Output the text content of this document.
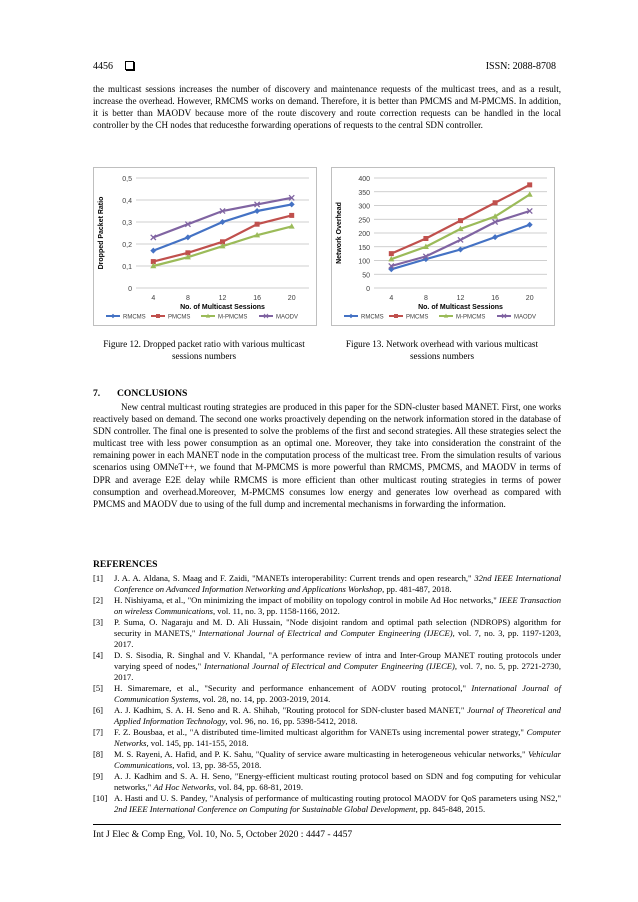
4456	ISSN: 2088-8708
the multicast sessions increases the number of discovery and maintenance requests of the multicast trees, and as a result, increase the overhead. However, RMCMS works on demand. Therefore, it is better than PMCMS and M-PMCMS. In addition, it is better than MAODV because more of the route discovery and route correction requests can be handled in the local controller by the CH nodes that reducesthe forwarding operations of requests to the central SDN controller.
0
0,1
0,2
0,3
0,4
0,5
4	8	12	16	20
No. of Multicast Sessions
Dropped Packet Ratio
RMCMS	PMCMS	M-PMCMS	MAODV
0
50
100
150
200
250
300
350
400
4	8	12	16	20
No. of Multicast Sessions
Network Overhead
RMCMS	PMCMS	M-PMCMS	MAODV
Figure 12. Dropped packet ratio with various multicast sessions numbers
Figure 13. Network overhead with various multicast sessions numbers
7. CONCLUSIONS
New central multicast routing strategies are produced in this paper for the SDN-cluster based MANET. First, one works reactively based on demand. The second one works proactively depending on the network information stored in the database of SDN controller. The final one is presented to solve the problems of the first and second strategies. All these strategies select the multicast tree with less power consumption as an optimal one. Moreover, they take into consideration the constraint of the remaining power in each MANET node in the computation process of the multicast tree. From the simulation results of various scenarios using OMNeT++, we found that M-PMCMS is more powerful than RMCMS, PMCMS, and MAODV in terms of DPR and average E2E delay while RMCMS is more efficient than other multicast routing strategies in terms of power consumption and overhead.Moreover, M-PMCMS consumes low energy and generates low overhead as compared with PMCMS and MAODV due to using of the full dump and incremental mechanisms in forwarding the information.
REFERENCES
[1]	J. A. A. Aldana, S. Maag and F. Zaidi, "MANETs interoperability: Current trends and open research," 32nd IEEE International Conference on Advanced Information Networking and Applications Workshop, pp. 481-487, 2018.
[2]	H. Nishiyama, et al., "On minimizing the impact of mobility on topology control in mobile Ad Hoc networks," IEEE Transaction on wireless Communications, vol. 11, no. 3, pp. 1158-1166, 2012.
[3]	P. Suma, O. Nagaraju and M. D. Ali Hussain, "Node disjoint random and optimal path selection (NDROPS) algorithm for security in MANETS," International Journal of Electrical and Computer Engineering (IJECE), vol. 7, no. 3, pp. 1197-1203, 2017.
[4]	D. S. Sisodia, R. Singhal and V. Khandal, "A performance review of intra and Inter-Group MANET routing protocols under varying speed of nodes," International Journal of Electrical and Computer Engineering (IJECE), vol. 7, no. 5, pp. 2721-2730, 2017.
[5]	H. Simaremare, et al., "Security and performance enhancement of AODV routing protocol," International Journal of Communication Systems, vol. 28, no. 14, pp. 2003-2019, 2014.
[6]	A. J. Kadhim, S. A. H. Seno and R. A. Shihab, "Routing protocol for SDN-cluster based MANET," Journal of Theoretical and Applied Information Technology, vol. 96, no. 16, pp. 5398-5412, 2018.
[7]	F. Z. Bousbaa, et al., "A distributed time-limited multicast algorithm for VANETs using incremental power strategy," Computer Networks, vol. 145, pp. 141-155, 2018.
[8]	M. S. Rayeni, A. Hafid, and P. K. Sahu, "Quality of service aware multicasting in heterogeneous vehicular networks," Vehicular Communications, vol. 13, pp. 38-55, 2018.
[9]	A. J. Kadhim and S. A. H. Seno, "Energy-efficient multicast routing protocol based on SDN and fog computing for vehicular networks," Ad Hoc Networks, vol. 84, pp. 68-81, 2019.
[10] A. Hasti and U. S. Pandey, "Analysis of performance of multicasting routing protocol MAODV for QoS parameters using NS2," 2nd IEEE International Conference on Computing for Sustainable Global Development, pp. 845-848, 2015.
Int J Elec & Comp Eng, Vol. 10, No. 5, October 2020 : 4447 - 4457
